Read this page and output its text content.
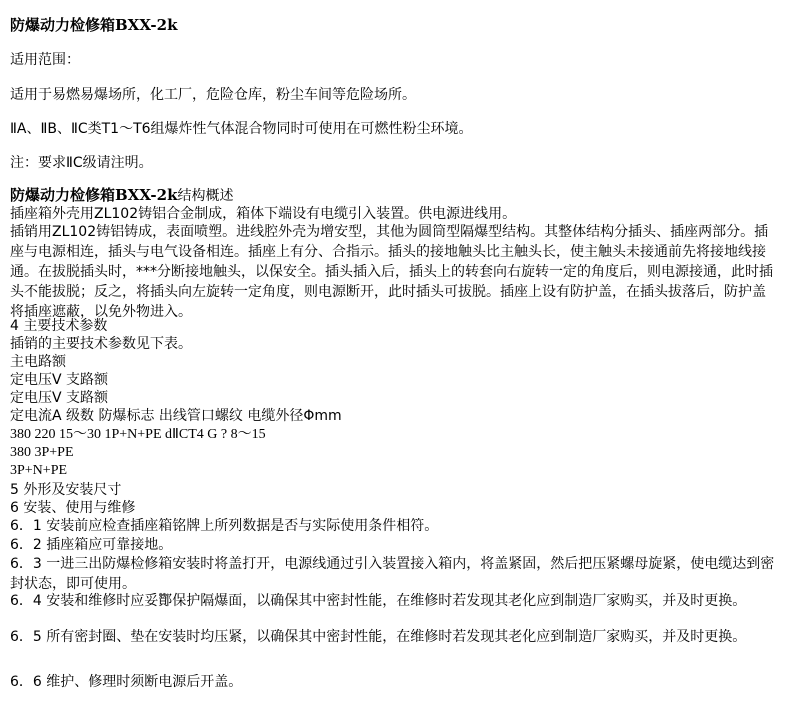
防爆动力检修箱BXX-2k
适用范围：
适用于易燃易爆场所，化工厂，危险仓库，粉尘车间等危险场所。
ⅡA、ⅡB、ⅡC类T1～T6组爆炸性气体混合物同时可使用在可燃性粉尘环境。
注：要求ⅡC级请注明。
防爆动力检修箱BXX-2k结构概述
插座箱外壳用ZL102铸铝合金制成，箱体下端设有电缆引入装置。供电源进线用。
插销用ZL102铸铝铸成，表面喷塑。进线腔外壳为增安型，其他为圆筒型隔爆型结构。其整体结构分插头、插座两部分。插座与电源相连，插头与电气设备相连。插座上有分、合指示。插头的接地触头比主触头长，使主触头未接通前先将接地线接通。在拔脱插头时，***分断接地触头，以保安全。插头插入后，插头上的转套向右旋转一定的角度后，则电源接通，此时插头不能拔脱；反之，将插头向左旋转一定角度，则电源断开，此时插头可拔脱。插座上设有防护盖，在插头拔落后，防护盖将插座遮蔽，以免外物进入。
4 主要技术参数
插销的主要技术参数见下表。
主电路额
定电压V 支路额
定电压V 支路额
定电流A 级数 防爆标志 出线管口螺纹 电缆外径Φmm
380 220 15～30 1P+N+PE dⅡCT4 G ? 8～15
380 3P+PE
3P+N+PE
5 外形及安装尺寸
6 安装、使用与维修
6．1 安装前应检查插座箱铭牌上所列数据是否与实际使用条件相符。
6．2 插座箱应可靠接地。
6．3 一进三出防爆检修箱安装时将盖打开，电源线通过引入装置接入箱内，将盖紧固，然后把压紧螺母旋紧，使电缆达到密封状态，即可使用。
6．4 安装和维修时应妥酇保护隔爆面，以确保其中密封性能，在维修时若发现其老化应到制造厂家购买，并及时更换。
6．5 所有密封圈、垫在安装时均压紧，以确保其中密封性能，在维修时若发现其老化应到制造厂家购买，并及时更换。
6．6 维护、修理时须断电源后开盖。
